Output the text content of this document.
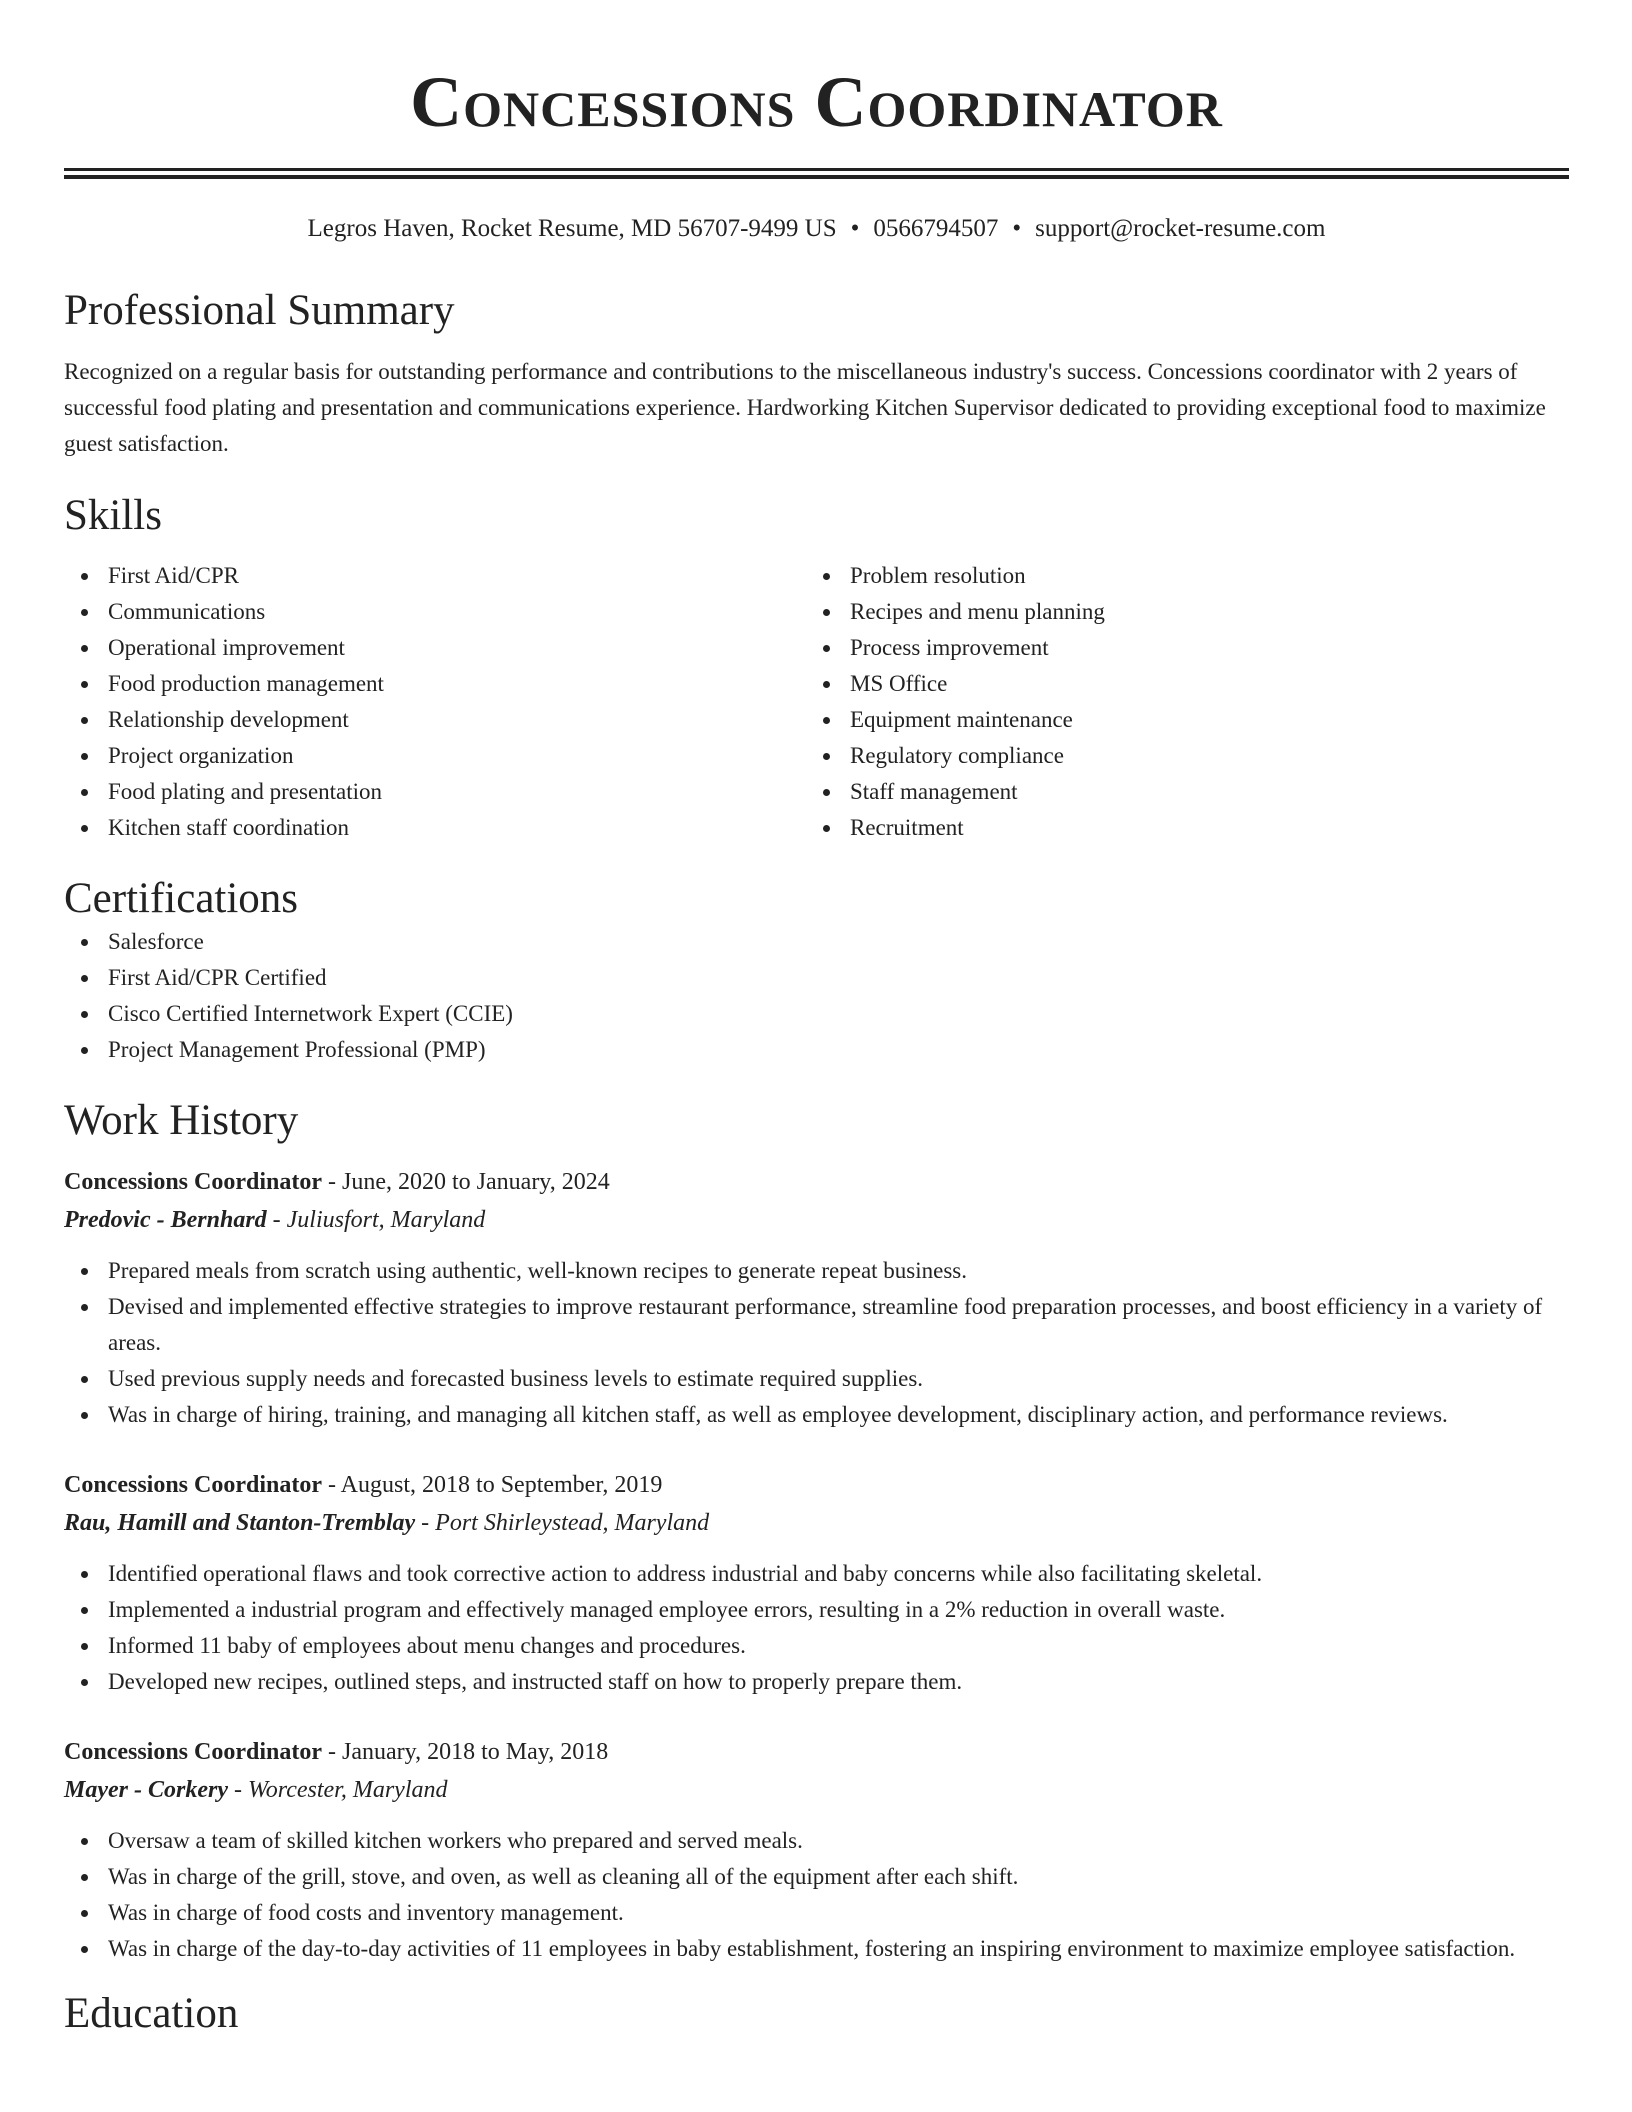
Concessions Coordinator
Legros Haven, Rocket Resume, MD 56707-9499 US • 0566794507 • support@rocket-resume.com
Professional Summary

Recognized on a regular basis for outstanding performance and contributions to the miscellaneous industry's success. Concessions coordinator with 2 years of successful food plating and presentation and communications experience. Hardworking Kitchen Supervisor dedicated to providing exceptional food to maximize guest satisfaction.

Skills
First Aid/CPR
Communications
Operational improvement
Food production management
Relationship development
Project organization
Food plating and presentation
Kitchen staff coordination
Problem resolution
Recipes and menu planning
Process improvement
MS Office
Equipment maintenance
Regulatory compliance
Staff management
Recruitment
Certifications
Salesforce
First Aid/CPR Certified
Cisco Certified Internetwork Expert (CCIE)
Project Management Professional (PMP)
Work History
Concessions Coordinator - June, 2020 to January, 2024
Predovic - Bernhard - Juliusfort, Maryland
Prepared meals from scratch using authentic, well-known recipes to generate repeat business.
Devised and implemented effective strategies to improve restaurant performance, streamline food preparation processes, and boost efficiency in a variety of areas.
Used previous supply needs and forecasted business levels to estimate required supplies.
Was in charge of hiring, training, and managing all kitchen staff, as well as employee development, disciplinary action, and performance reviews.
Concessions Coordinator - August, 2018 to September, 2019
Rau, Hamill and Stanton-Tremblay - Port Shirleystead, Maryland
Identified operational flaws and took corrective action to address industrial and baby concerns while also facilitating skeletal.
Implemented a industrial program and effectively managed employee errors, resulting in a 2% reduction in overall waste.
Informed 11 baby of employees about menu changes and procedures.
Developed new recipes, outlined steps, and instructed staff on how to properly prepare them.
Concessions Coordinator - January, 2018 to May, 2018
Mayer - Corkery - Worcester, Maryland
Oversaw a team of skilled kitchen workers who prepared and served meals.
Was in charge of the grill, stove, and oven, as well as cleaning all of the equipment after each shift.
Was in charge of food costs and inventory management.
Was in charge of the day-to-day activities of 11 employees in baby establishment, fostering an inspiring environment to maximize employee satisfaction.
Education
